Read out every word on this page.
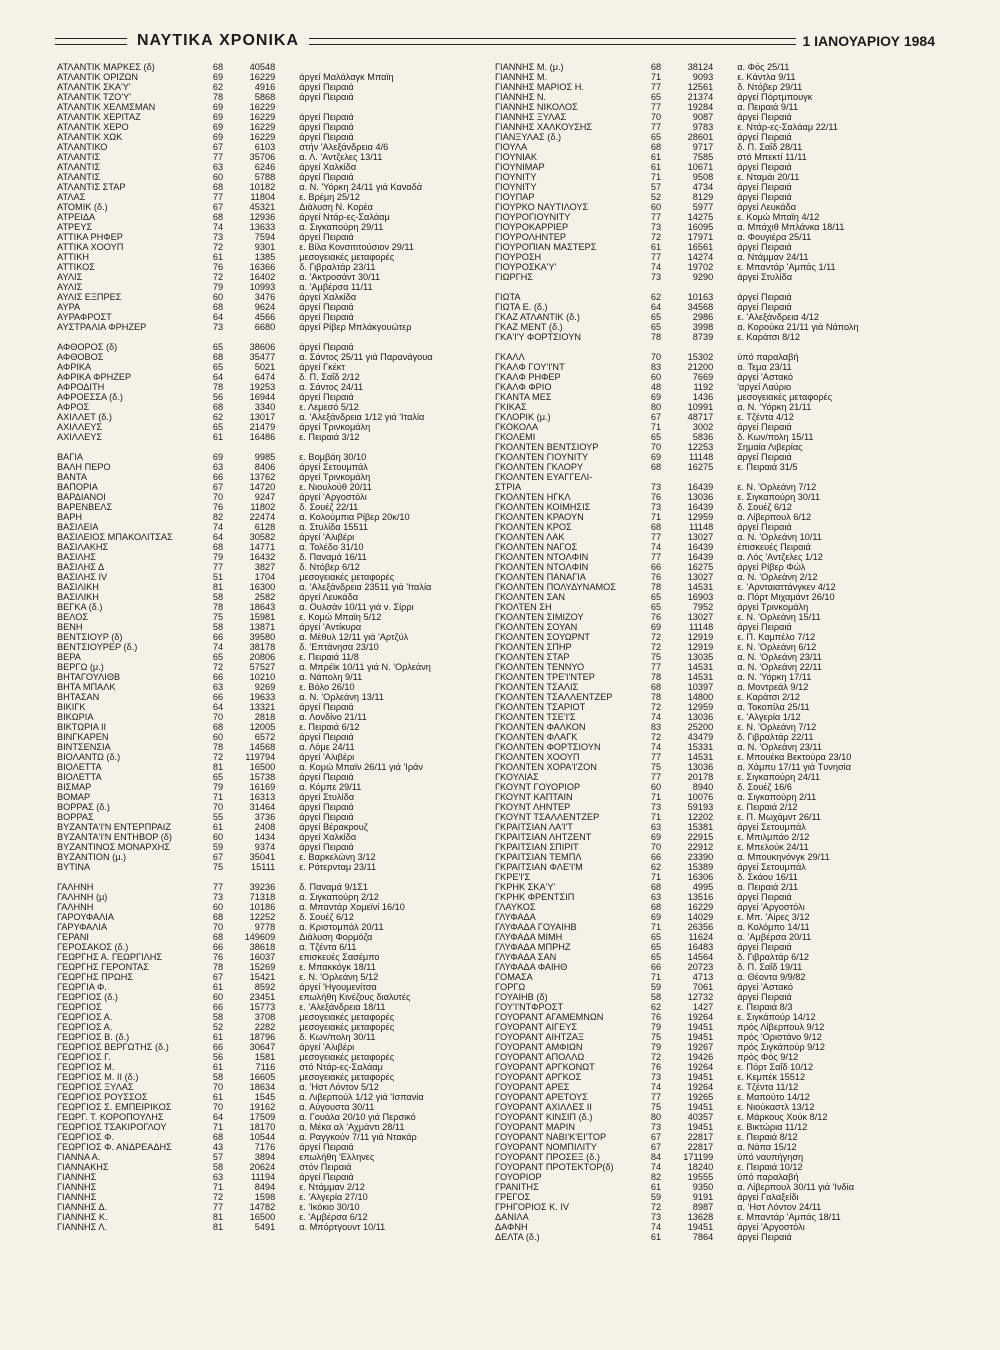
ΝΑΥΤΙΚΑ ΧΡΟΝΙΚΑ	1 ΙΑΝΟΥΑΡΙΟΥ 1984
ΑΤΛΑΝΤΙΚ ΜΑΡΚΕΣ (δ)	68	40548
ΑΤΛΑΝΤΙΚ ΟΡΙΖΩΝ	69	16229	άργεί Μαλάλαγκ Μπαϊη
ΑΤΛΑΝΤΙΚ ΣΚΑ'Υ'	62	4916	άργεί Πειραιά
ΑΤΛΑΝΤΙΚ ΤΖΟ'Υ'	78	5868	άργεί Πειραιά
ΑΤΛΑΝΤΙΚ ΧΕΛΜΣΜΑΝ	69	16229
ΑΤΛΑΝΤΙΚ ΧΕΡΙΤΑΖ	69	16229	άργεί Πειραιά
ΑΤΛΑΝΤΙΚ ΧΕΡΟ	69	16229	άργεί Πειραιά
ΑΤΛΑΝΤΙΚ ΧΩΚ	69	16229	άργεί Πειραιά
ΑΤΛΑΝΤΙΚΟ	67	6103	στήν 'Αλεξάνδρεια 4/6
ΑΤΛΑΝΤΙΣ	77	35706	α. Λ. 'Αντζελες 13/11
ΑΤΛΑΝΤΙΣ	63	6246	άργεί Χαλκίδα
ΑΤΛΑΝΤΙΣ	60	5788	άργεί Πειραιά
ΑΤΛΑΝΤΙΣ ΣΤΑΡ	68	10182	α. Ν. 'Υόρκη 24/11 γιά Καναδά
ΑΤΛΑΣ	77	11804	ε. Βρέμη 25/12
ΑΤΟΜΙΚ (δ.)	67	45321	Διάλυση Ν. Κορέα
ΑΤΡΕΙΔΑ	68	12936	άργεί Ντάρ-ες-Σαλάαμ
ΑΤΡΕΥΣ	74	13633	α. Σιγκαπούρη 29/11
ΑΤΤΙΚΑ ΡΗΦΕΡ	73	7594	άργεί Πειραιά
ΑΤΤΙΚΑ ΧΟΟΥΠ	72	9301	ε. Βίλα Κονσιτιτούσιον 29/11
ΑΤΤΙΚΗ	61	1385	μεσογειακές μεταφορές
ΑΤΤΙΚΟΣ	76	16366	δ. Γιβραλτάρ 23/11
ΑΥΛΙΣ	72	16402	α. 'Ακτροσάντ 30/11
ΑΥΛΙΣ	79	10993	α. 'Αμβέρσα 11/11
ΑΥΛΙΣ ΕΞΠΡΕΣ	60	3476	άργεί Χαλκίδα
ΑΥΡΑ	68	9624	άργεί Πειραιά
ΑΥΡΑΦΡΟΣΤ	64	4566	άργεί Πειραιά
ΑΥΣΤΡΑΛΙΑ ΦΡΗΖΕΡ	73	6680	άργεί Ρίβερ Μπλάκγουώτερ
ΑΦΘΟΡΟΣ (δ)	65	38606	άργεί Πειραιά
ΑΦΘΟΒΟΣ	68	35477	α. Σάντος 25/11 γιά Παρανάγουα
ΑΦΡΙΚΑ	65	5021	άργεί Γκέκτ
ΑΦΡΙΚΑ ΦΡΗΖΕΡ	64	6474	δ. Π. Σαΐδ 2/12
ΑΦΡΟΔΙΤΗ	78	19253	α. Σάντος 24/11
ΑΦΡΟΕΣΣΑ (δ.)	56	16944	άργεί Πειραιά
ΑΦΡΟΣ	68	3340	ε. Λεμεσό 5/12
ΑΧΙΛΛΕΤ (δ.)	62	13017	α. 'Αλεξάνδρεια 1/12 γιά 'Ιταλία
ΑΧΙΛΛΕΥΣ	65	21479	άργεί Τρινκομάλη
ΑΧΙΛΛΕΥΣ	61	16486	ε. Πειραιά 3/12
ΒΑΓΙΑ	69	9985	ε. Βομβάη 30/10
ΒΑΛΗ ΠΕΡΟ	63	8406	άργεί Σετουμπάλ
ΒΑΝΤΑ	66	13762	άργεί Τρινκομάλη
ΒΑΠΟΡΙΑ	67	14720	ε. Νιουλούθ 20/11
ΒΑΡΔΙΑΝΟΙ	70	9247	άργεί 'Αργοστόλι
ΒΑΡΕΝΒΕΛΣ	76	11802	δ. Σουέζ 22/11
ΒΑΡΗ	82	22474	α. Κολούμπια Ρίβερ 20κ/10
ΒΑΣΙΛΕΙΑ	74	6128	α. Στυλίδα 15511
ΒΑΣΙΛΕΙΟΣ ΜΠΑΚΟΛΙΤΣΑΣ	64	30582	άργεί 'Αλιβέρι
ΒΑΣΙΛΑΚΗΣ	68	14771	α. Τολέδο 31/10
ΒΑΣΙΛΗΣ	79	16432	δ. Παναμά 16/11
ΒΑΣΙΛΗΣ Δ	77	3827	δ. Ντόβερ 6/12
ΒΑΣΙΛΗΣ IV	51	1704	μεσογειακές μεταφορές
ΒΑΣΙΛΙΚΗ	81	16300	α. 'Αλεξάνδρεια 23511 γιά 'Ιταλία
ΒΑΣΙΛΙΚΗ	58	2582	άργεί Λευκάδα
ΒΕΓΚΑ (δ.)	78	18643	α. Ουλσάν 10/11 γιά ν. Σίρρι
ΒΕΛΟΣ	75	15981	ε. Κομώ Μπαϊη 5/12
ΒΕΝΗ	58	13871	άργεί 'Αντίκυρα
ΒΕΝΤΣΙΟΥΡ (δ)	66	39580	α. Μέθυλ 12/11 γιά 'Αρτζύλ
ΒΕΝΤΣΙΟΥΡΕΡ (δ.)	74	38178	δ. 'Επτάνησα 23/10
ΒΕΡΑ	65	20806	ε. Πειραιά 11/8
ΒΕΡΓΩ (μ.)	72	57527	α. Μπρέϊκ 10/11 γιά Ν. 'Ορλεάνη
ΒΗΤΑΓΟΥΛΙΘΒ	66	10210	α. Νάπολη 9/11
ΒΗΤΑ ΜΠΑΛΚ	63	9269	ε. Βόλο 26/10
ΒΗΤΑΣΑΝ	66	19633	α. Ν. 'Ορλεάνη 13/11
ΒΙΚΙΓΚ	64	13321	άργεί Πειραιά
ΒΙΚΩΡΙΑ	70	2818	α. Λονδίνο 21/11
ΒΙΚΤΩΡΙΑ ΙΙ	68	12005	ε. Πειραιά 6/12
ΒΙΝΓΚΑΡΕΝ	60	6572	άργεί Πειραιά
ΒΙΝΤΣΕΝΣΙΑ	78	14568	α. Λόμε 24/11
ΒΙΟΛΑΝΤΩ (δ.)	72	119794	άργεί 'Αλιβέρι
ΒΙΟΛΕΤΤΑ	81	16500	α. Κομώ Μπαϊν 26/11 γιά 'Ιράν
ΒΙΟΛΕΤΤΑ	65	15738	άργεί Πειραιά
ΒΙΣΜΑΡ	79	16169	α. Κόμπε 29/11
ΒΟΜΑΡ	71	16313	άργεί Στυλίδα
ΒΟΡΡΑΣ (δ.)	70	31464	άργεί Πειραιά
ΒΟΡΡΑΣ	55	3736	άργεί Πειραιά
ΒΥΖΑΝΤΑ'Ι'Ν ΕΝΤΕΡΠΡΑΙΖ	61	2408	άργεί Βέρακρουζ
ΒΥΖΑΝΤΑ'Ι'Ν ΕΝΤΗΒΟΡ (δ)	60	1434	άργεί Χαλκίδα
ΒΥΖΑΝΤΙΝΟΣ ΜΟΝΑΡΧΗΣ	59	9374	άργεί Πειραιά
ΒΥΖΑΝΤΙΟΝ (μ.)	67	35041	ε. Βαρκελώνη 3/12
ΒΥΤΙΝΑ	75	15111	ε. Ρότερνταμ 23/11
ΓΑΛΗΝΗ	77	39236	δ. Παναμά 9/1Σ1
ΓΑΛΗΝΗ (μ)	73	71318	α. Σιγκαπούρη 2/12
ΓΑΛΗΝΗ	60	10186	α. Μπαντάρ Χομεϊνί 16/10
ΓΑΡΟΥΦΑΛΙΑ	68	12252	δ. Σουέζ 6/12
ΓΑΡΥΦΑΛΙΑ	70	9778	α. Κριστομπάλ 20/11
ΓΕΡΑΝΙ	68	149609	Διάλυση Φορμόζα
ΓΕΡΟΣΑΚΟΣ (δ.)	66	38618	α. Τζέντα 6/11
ΓΕΩΡΓΗΣ Α. ΓΕΩΡΓΙΛΗΣ	76	16037	επισκευές Σασέμπο
ΓΕΩΡΓΗΣ ΓΕΡΟΝΤΑΣ	78	15269	ε. Μπακκόγκ 18/11
ΓΕΩΡΓΗΣ ΠΡΩΗΣ	67	15421	ε. Ν. 'Ορλεάνη 5/12
ΓΕΩΡΓΙΑ Φ.	61	8592	άργεί 'Ηγουμενίτσα
ΓΕΩΡΓΙΟΣ (δ.)	60	23451	επωλήθη Κινέζους διαλυτές
ΓΕΩΡΓΙΟΣ	66	15773	ε. 'Αλεξάνδρεια 18/11
ΓΕΩΡΓΙΟΣ Α.	58	3708	μεσογειακές μεταφορές
ΓΕΩΡΓΙΟΣ Α.	52	2282	μεσογειακές μεταφορές
ΓΕΩΡΓΙΟΣ Β. (δ.)	61	18796	δ. Κων/πολη 30/11
ΓΕΩΡΓΙΟΣ ΒΕΡΓΩΤΗΣ (δ.)	66	30647	άργεί 'Αλιβέρι
ΓΕΩΡΓΙΟΣ Γ.	56	1581	μεσογειακές μεταφορές
ΓΕΩΡΓΙΟΣ Μ.	61	7116	στό Ντάρ-ες-Σαλάαμ
ΓΕΩΡΓΙΟΣ Μ. ΙΙ (δ.)	58	16605	μεσογειακές μεταφορές
ΓΕΩΡΓΙΟΣ ΞΥΛΑΣ	70	18634	α. 'Ηστ Λόντον 5/12
ΓΕΩΡΓΙΟΣ ΡΟΥΣΣΟΣ	61	1545	α. Λιβερπούλ 1/12 γιά 'Ισπανία
ΓΕΩΡΓΙΟΣ Σ. ΕΜΠΕΙΡΙΚΟΣ	70	19162	α. Αύγουστα 30/11
ΓΕΩΡΓ. Τ. ΚΟΡΟΠΟΥΛΗΣ	64	17509	α. Γουάλα 20/10 γιά Περσικό
ΓΕΩΡΓΙΟΣ ΤΣΑΚΙΡΟΓΛΟΥ	71	18170	α. Μέκα αλ 'Αχμάντι 28/11
ΓΕΩΡΓΙΟΣ Φ.	68	10544	α. Ραγγκούν 7/11 γιά Ντακάρ
ΓΕΩΡΓΙΟΣ Φ. ΑΝΔΡΕΑΔΗΣ	43	7176	άργεί Πειραιά
ΓΙΑΝΝΑ Α.	57	3894	επωλήθη 'Ελληνες
ΓΙΑΝΝΑΚΗΣ	58	20624	στόν Πειραιά
ΓΙΑΝΝΗΣ	63	11194	άργεί Πειραιά
ΓΙΑΝΝΗΣ	71	8494	ε. Ντάμμαν 2/12
ΓΙΑΝΝΗΣ	72	1598	ε. 'Αλγερία 27/10
ΓΙΑΝΝΗΣ Δ.	77	14782	ε. 'Ικόκιο 30/10
ΓΙΑΝΝΗΣ Κ.	81	16500	ε. 'Αμβέρσα 6/12
ΓΙΑΝΝΗΣ Λ.	81	5491	α. Μπόρτγουντ 10/11
ΓΙΑΝΝΗΣ Μ. (μ.)	68	38124	α. Φός 25/11
ΓΙΑΝΝΗΣ Μ.	71	9093	ε. Κάντλα 9/11
ΓΙΑΝΝΗΣ ΜΑΡΙΟΣ Η.	77	12561	δ. Ντόβερ 29/11
ΓΙΑΝΝΗΣ Ν.	65	21374	άργεί Πόρτμπουγκ
ΓΙΑΝΝΗΣ ΝΙΚΟΛΟΣ	77	19284	α. Πειραιά 9/11
ΓΙΑΝΝΗΣ ΞΥΛΑΣ	70	9087	άργεί Πειραιά
ΓΙΑΝΝΗΣ ΧΑΛΚΟΥΣΗΣ	77	9783	ε. Ντάρ-ες-Σαλάαμ 22/11
ΓΙΑΝΞΥΛΑΣ (δ.)	65	28601	άργεί Πειραιά
ΓΙΟΥΛΑ	68	9717	δ. Π. Σαΐδ 28/11
ΓΙΟΥΝΙΑΚ	61	7585	στό Μπεκτί 11/11
ΓΙΟΥΝΙΜΑΡ	61	10671	άργεί Πειραιά
ΓΙΟΥΝΙΤΥ	71	9508	ε. Νταμάι 20/11
ΓΙΟΥΝΙΤΥ	57	4734	άργεί Πειραιά
ΓΙΟΥΠΑΡ	52	8129	άργεί Πειραιά
ΓΙΟΥΡΚΟ ΝΑΥΤΙΛΟΥΣ	60	5977	άργεί Λευκάδα
ΓΙΟΥΡΟΓΙΟΥΝΙΤΥ	77	14275	ε. Κομώ Μπαϊη 4/12
ΓΙΟΥΡΟΚΑΡΡΙΕΡ	73	16095	α. Μπάχιθ Μπλάνκα 18/11
ΓΙΟΥΡΟΛΗΝΤΕΡ	72	17971	α. Φουγιέρα 25/11
ΓΙΟΥΡΟΠΙΑΝ ΜΑΣΤΕΡΣ	61	16561	άργεί Πειραιά
ΓΙΟΥΡΟΣΗ	77	14274	α. Ντάμμαν 24/11
ΓΙΟΥΡΟΣΚΑ'Υ'	74	19702	ε. Μπαντάρ 'Αμπάς 1/11
ΓΙΩΡΓΗΣ	73	9290	άργεί Στυλίδα
ΓΙΩΤΑ	62	10163	άργεί Πειραιά
ΓΙΩΤΑ Ε. (δ.)	64	34568	άργεί Πειραιά
ΓΚΑΖ ΑΤΛΑΝΤΙΚ (δ.)	65	2986	ε. 'Αλεξάνδρεια 4/12
ΓΚΑΖ ΜΕΝΤ (δ.)	65	3998	α. Κορούκα 21/11 γιά Νάπολη
ΓΚΑ'Ι'Υ ΦΟΡΤΣΙΟΥΝ	78	8739	ε. Καράτσι 8/12
ΓΚΑΛΛ	70	15302	ύπό παραλαβή
ΓΚΑΛΦ ΓΟΥ'Ι'ΝΤ	83	21200	α. Τεμα 23/11
ΓΚΑΛΦ ΡΗΦΕΡ	60	7669	άργεί 'Αστακό
ΓΚΑΛΦ ΦΡΙΟ	48	1192	'αργεί Λαύριο
ΓΚΑΝΤΑ ΜΕΣ	69	1436	μεσογειακές μεταφορές
ΓΚΙΚΑΣ	80	10991	α. Ν. 'Υόρκη 21/11
ΓΚΛΟΡΙΚ (μ.)	67	48717	ε. Τζέντα 4/12
ΓΚΟΚΟΛΑ	71	3002	άργεί Πειραιά
ΓΚΟΛΕΜΙ	65	5836	δ. Κων/πολη 15/11
ΓΚΟΛΝΤΕΝ ΒΕΝΤΣΙΟΥΡ	70	12253	Σημαία Λιβερίας
ΓΚΟΛΝΤΕΝ ΓΙΟΥΝΙΤΥ	69	11148	άργεί Πειραιά
ΓΚΟΛΝΤΕΝ ΓΚΛΟΡΥ	68	16275	ε. Πειραιά 31/5
ΓΚΟΛΝΤΕΝ ΕΥΑΓΓΕΛΙ-
ΣΤΡΙΑ	73	16439	ε. Ν. 'Ορλεάνη 7/12
ΓΚΟΛΝΤΕΝ ΗΓΚΛ	76	13036	ε. Σιγκαπούρη 30/11
ΓΚΟΛΝΤΕΝ ΚΟΙΜΗΣΙΣ	73	16439	δ. Σουέζ 6/12
ΓΚΟΛΝΤΕΝ ΚΡΑΟΥΝ	71	12959	α. Λίβερπουλ 6/12
ΓΚΟΛΝΤΕΝ ΚΡΟΣ	68	11148	άργεί Πειραιά
ΓΚΟΛΝΤΕΝ ΛΑΚ	77	13027	α. Ν. 'Ορλεάνη 10/11
ΓΚΟΛΝΤΕΝ ΝΑΓΟΣ	74	16439	έπισκευές Πειραιά
ΓΚΟΛΝΤΕΝ ΝΤΟΛΦΙΝ	77	16439	α. Λός 'Αντζελες 1/12
ΓΚΟΛΝΤΕΝ ΝΤΟΛΦΙΝ	66	16275	άργεί Ρίβερ Φώλ
ΓΚΟΛΝΤΕΝ ΠΑΝΑΓΙΑ	76	13027	α. Ν. 'Ορλεάνη 2/12
ΓΚΟΛΝΤΕΝ ΠΟΛΥΔΥΝΑΜΟΣ	78	14531	ε. 'Αρνταιαττάνγκεν 4/12
ΓΚΟΛΝΤΕΝ ΣΑΝ	65	16903	α. Πόρτ Μιχαμάντ 26/10
ΓΚΟΛΤΕΝ ΣΗ	65	7952	άργεί Τρινκομάλη
ΓΚΟΛΝΤΕΝ ΣΙΜΙΖΟΥ	76	13027	ε. Ν. 'Ορλεάνη 15/11
ΓΚΟΛΝΤΕΝ ΣΟΥΑΝ	69	11148	άργεί Πειραιά
ΓΚΟΛΝΤΕΝ ΣΟΥΩΡΝΤ	72	12919	ε. Π. Καμπέλο 7/12
ΓΚΟΛΝΤΕΝ ΣΠΗΡ	72	12919	ε. Ν. 'Ορλεάνη 6/12
ΓΚΟΛΝΤΕΝ ΣΤΑΡ	75	13035	α. Ν. 'Ορλεάνη 23/11
ΓΚΟΛΝΤΕΝ ΤΕΝΝΥΟ	77	14531	α. Ν. 'Ορλεάνη 22/11
ΓΚΟΛΝΤΕΝ ΤΡΕ'Ι'ΝΤΕΡ	78	14531	α. Ν. 'Υόρκη 17/11
ΓΚΟΛΝΤΕΝ ΤΣΑΛΙΣ	68	10397	α. Μοντρεάλ 9/12
ΓΚΟΛΝΤΕΝ ΤΣΑΛΛΕΝΤΖΕΡ	78	14800	ε. Καράτσι 2/12
ΓΚΟΛΝΤΕΝ ΤΣΑΡΙΟΤ	72	12959	α. Τοκοπίλα 25/11
ΓΚΟΛΝΤΕΝ ΤΣΕ'Ι'Σ	74	13036	ε. 'Αλγερία 1/12
ΓΚΟΛΝΤΕΝ ΦΑΛΚΟΝ	83	25200	ε. Ν. 'Ορλεάνη 7/12
ΓΚΟΛΝΤΕΝ ΦΛΑΓΚ	72	43479	δ. Γιβραλτάρ 22/11
ΓΚΟΛΝΤΕΝ ΦΟΡΤΣΙΟΥΝ	74	15331	α. Ν. 'Ορλεάνη 23/11
ΓΚΟΛΝΤΕΝ ΧΟΟΥΠ	77	14531	ε. Μπουέκα Βεκτούρα 23/10
ΓΚΟΛΝΤΕΝ ΧΟΡΑ'Ι'ΖΟΝ	75	13036	α. Χάμπυ 17/11 γιά Tυνησία
ΓΚΟΥΛΙΑΣ	77	20178	ε. Σιγκαπούρη 24/11
ΓΚΟΥΝΤ ΓΟΥΟΡΙΟΡ	60	8940	δ. Σουέζ 16/6
ΓΚΟΥΝΤ ΚΑΠΤΑΙΝ	71	10076	α. Σιγκαπούρη 2/11
ΓΚΟΥΝΤ ΛΗΝΤΕΡ	73	59193	ε. Πειραιά 2/12
ΓΚΟΥΝΤ ΤΣΑΛΛΕΝΤΖΕΡ	71	12202	ε. Π. Μωχάμντ 26/11
ΓΚΡΑΙΤΣΙΑΝ ΛΑ'Ι'Τ	63	15381	άργεί Σετουμπάλ
ΓΚΡΑΙΤΣΙΑΝ ΛΗΤΖΕΝΤ	69	22915	ε. Μπιλμπάο 2/12
ΓΚΡΑΙΤΣΙΑΝ ΣΠΙΡΙΤ	70	22912	ε. Μπελούκ 24/11
ΓΚΡΑΙΤΣΙΑΝ ΤΕΜΠΛ	66	23390	α. Μπουκηνόνγκ 29/11
ΓΚΡΑΙΤΣΙΑΝ ΦΛΕ'Ι'Μ	62	15389	άργεί Σετουμπάλ
ΓΚΡΕ'Ι'Σ	71	16306	δ. Σκάου 16/11
ΓΚΡΗΚ ΣΚΑ'Υ'	68	4995	α. Πειραιά 2/11
ΓΚΡΗΚ ΦΡΕΝΤΣΙΠ	63	13516	άργεί Πειραιά
ΓΛΑΥΚΟΣ	68	16229	άργεί 'Αργοστόλι
ΓΛΥΦΑΔΑ	69	14029	ε. Μπ. 'Αίρες 3/12
ΓΛΥΦΑΔΑ ΓΟΥΑΙΗΒ	71	26356	α. Κολόμπο 14/11
ΓΛΥΦΑΔΑ ΜΙΜΗ	65	11624	α. 'Αμβέρσα 20/11
ΓΛΥΦΑΔΑ ΜΠΡΗΖ	65	16483	άργεί Πειραιά
ΓΛΥΦΑΔΑ ΣΑΝ	65	14564	δ. Γιβραλτάρ 6/12
ΓΛΥΦΑΔΑ ΦΑΙΗΘ	66	20723	δ. Π. Σαΐδ 19/11
ΓΟΜΑΣΑ	71	4713	α. Θέοντα 9/9/82
ΓΟΡΓΩ	59	7061	άργεί 'Αστακό
ΓΟΥΑΙΗΒ (δ)	58	12732	άργεί Πειραιά
ΓΟΥ'Ι'ΝΤΦΡΟΣΤ	62	1427	ε. Πειραιά 8/3
ΓΟΥΟΡΑΝΤ ΑΓΑΜΕΜΝΩΝ	76	19264	ε. Σιγκάπούρ 14/12
ΓΟΥΟΡΑΝΤ ΑΙΓΕΥΣ	79	19451	πρός Λίβερπουλ 9/12
ΓΟΥΟΡΑΝΤ ΑΙΗΤΖΑΞ	75	19451	πρός 'Οριστάνο 9/12
ΓΟΥΟΡΑΝΤ ΑΜΦΙΩΝ	79	19267	πρός Σιγκάπούρ 9/12
ΓΟΥΟΡΑΝΤ ΑΠΟΛΛΩ	72	19426	πρός Φός 9/12
ΓΟΥΟΡΑΝΤ ΑΡΓΚΟΝΩΤ	76	19264	ε. Πόρτ Σαΐδ 10/12
ΓΟΥΟΡΑΝΤ ΑΡΓΚΟΣ	73	19451	ε. Κεμπέκ 15512
ΓΟΥΟΡΑΝΤ ΑΡΕΣ	74	19264	ε. Τζέντα 11/12
ΓΟΥΟΡΑΝΤ ΑΡΕΤΟΥΣ	77	19265	ε. Μαπούτο 14/12
ΓΟΥΟΡΑΝΤ ΑΧΙΛΛΕΣ ΙΙ	75	19451	ε. Νιούκαστλ 13/12
ΓΟΥΟΡΑΝΤ ΚΙΝΣΙΠ (δ.)	80	40357	ε. Μάρκους Χούκ 8/12
ΓΟΥΟΡΑΝΤ ΜΑΡΙΝ	73	19451	ε. Βικτώρια 11/12
ΓΟΥΟΡΑΝΤ ΝΑΒΙ'Κ'ΕΙ'ΤΟΡ	67	22817	ε. Πειραιά 8/12
ΓΟΥΟΡΑΝΤ ΝΟΜΠΙΛΙΤΥ	67	22817	α. Νάπα 15/12
ΓΟΥΟΡΑΝΤ ΠΡΟΣΕΞ (δ.)	84	171199	ύπό ναυπήγηση
ΓΟΥΟΡΑΝΤ ΠΡΟΤΕΚΤΟΡ(δ)	74	18240	ε. Πειραιά 10/12
ΓΟΥΟΡΙΟΡ	82	19555	ύπό παραλαβή
ΓΡΑΝΙΤΗΣ	61	9350	α. Λίβερπουλ 30/11 γιά 'Ινδία
ΓΡΕΓΟΣ	59	9191	άργεί Γαλαξείδι
ΓΡΗΓΟΡΙΟΣ Κ. ΙV	72	8987	α. 'Ηστ Λόντον 24/11
ΔΑΝΙΛΑ	73	13628	ε. Μπαντάρ 'Αμπάς 18/11
ΔΑΦΝΗ	74	19451	άργεί 'Αργοστόλι
ΔΕΛΤΑ (δ.)	61	7864	άργεί Πειραιά
